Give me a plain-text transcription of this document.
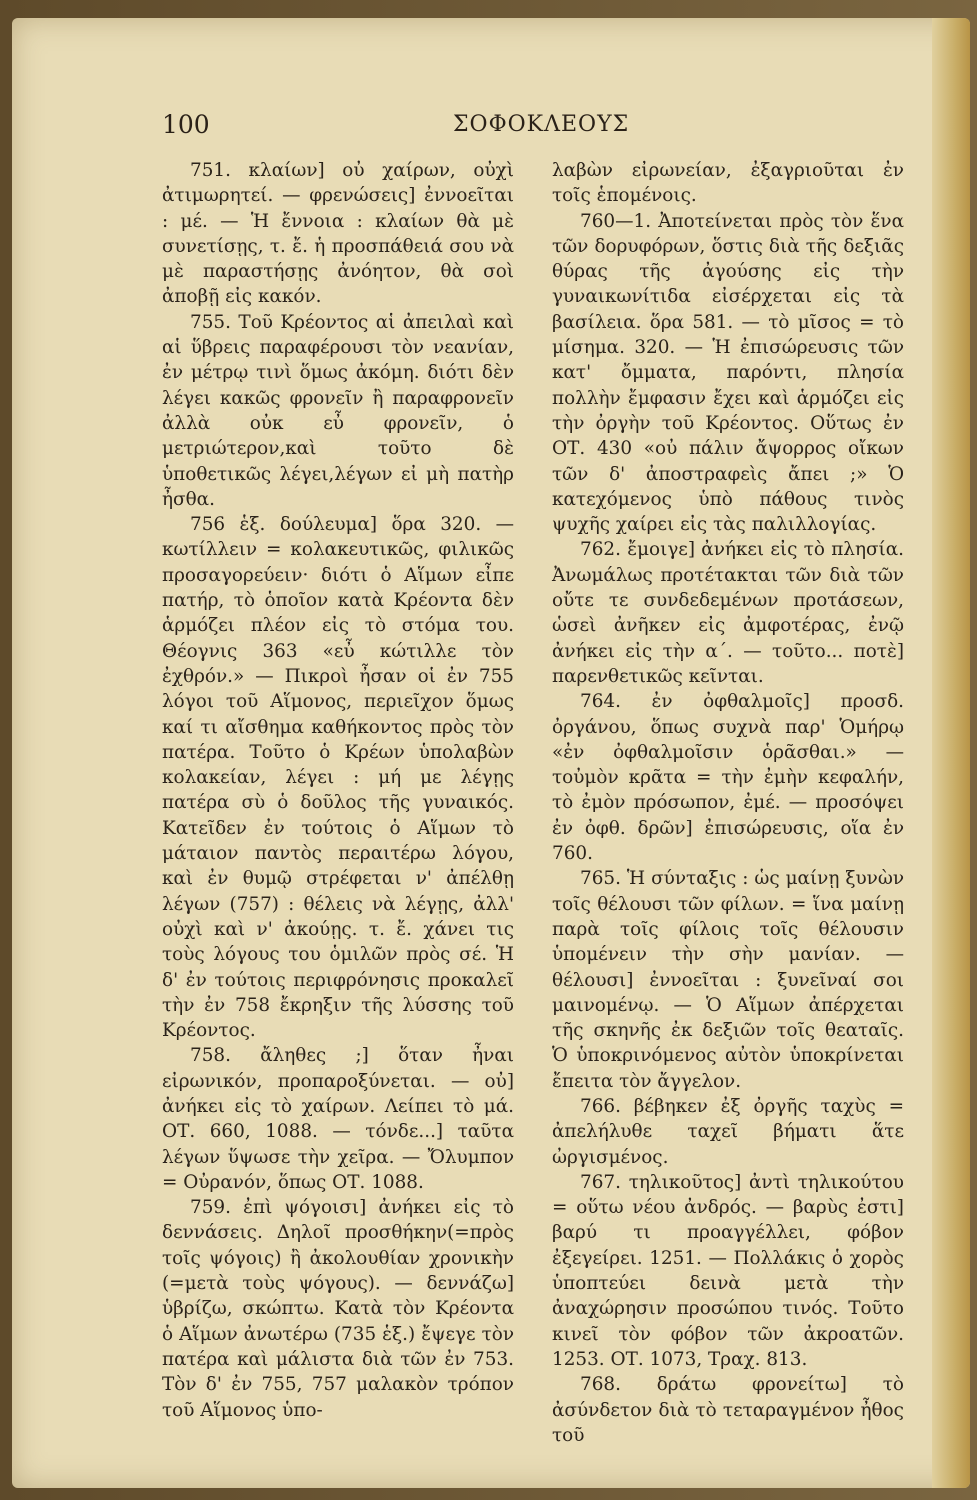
100	ΣΟΦΟΚΛΕΟΥΣ

751. κλαίων] οὐ χαίρων, οὐχὶ ἀτιμωρητεί. — φρενώσεις] ἐννοεῖται : μέ. — Ἡ ἔννοια : κλαίων θὰ μὲ συνετίσῃς, τ. ἔ. ἡ προσπάθειά σου νὰ μὲ παραστήσῃς ἀνόητον, θὰ σοὶ ἀποβῇ εἰς κακόν.

755. Τοῦ Κρέοντος αἱ ἀπειλαὶ καὶ αἱ ὕβρεις παραφέρουσι τὸν νεανίαν, ἐν μέτρῳ τινὶ ὅμως ἀκόμη. διότι δὲν λέγει κακῶς φρονεῖν ἢ παραφρονεῖν ἀλλὰ οὐκ εὖ φρονεῖν, ὁ μετριώτερον,καὶ τοῦτο δὲ ὑποθετικῶς λέγει,λέγων εἰ μὴ πατὴρ ἦσθα.

756 ἑξ. δούλευμα] ὅρα 320. — κωτίλλειν = κολακευτικῶς, φιλικῶς προσαγορεύειν· διότι ὁ Αἵμων εἶπε πατήρ, τὸ ὁποῖον κατὰ Κρέοντα δὲν ἁρμόζει πλέον εἰς τὸ στόμα του. Θέογνις 363 «εὖ κώτιλλε τὸν ἐχθρόν.» — Πικροὶ ἦσαν οἱ ἐν 755 λόγοι τοῦ Αἵμονος, περιεῖχον ὅμως καί τι αἴσθημα καθήκοντος πρὸς τὸν πατέρα. Τοῦτο ὁ Κρέων ὑπολαβὼν κολακείαν, λέγει : μή με λέγῃς πατέρα σὺ ὁ δοῦλος τῆς γυναικός. Κατεῖδεν ἐν τούτοις ὁ Αἵμων τὸ μάταιον παντὸς περαιτέρω λόγου, καὶ ἐν θυμῷ στρέφεται ν' ἀπέλθῃ λέγων (757) : θέλεις νὰ λέγῃς, ἀλλ' οὐχὶ καὶ ν' ἀκούῃς. τ. ἔ. χάνει τις τοὺς λόγους του ὁμιλῶν πρὸς σέ. Ἡ δ' ἐν τούτοις περιφρόνησις προκαλεῖ τὴν ἐν 758 ἔκρηξιν τῆς λύσσης τοῦ Κρέοντος.

758. ἄληθες ;] ὅταν ἦναι εἰρωνικόν, προπαροξύνεται. — οὐ] ἀνήκει εἰς τὸ χαίρων. Λείπει τὸ μά. ΟΤ. 660, 1088. — τόνδε...] ταῦτα λέγων ὕψωσε τὴν χεῖρα. — Ὄλυμπον = Οὐρανόν, ὅπως ΟΤ. 1088.

759. ἐπὶ ψόγοισι] ἀνήκει εἰς τὸ δεννάσεις. Δηλοῖ προσθήκην(=πρὸς τοῖς ψόγοις) ἢ ἀκολουθίαν χρονικὴν (=μετὰ τοὺς ψόγους). — δεννάζω] ὑβρίζω, σκώπτω. Κατὰ τὸν Κρέοντα ὁ Αἵμων ἀνωτέρω (735 ἑξ.) ἔψεγε τὸν πατέρα καὶ μάλιστα διὰ τῶν ἐν 753. Τὸν δ' ἐν 755, 757 μαλακὸν τρόπον τοῦ Αἵμονος ὑπο-

λαβὼν εἰρωνείαν, ἐξαγριοῦται ἐν τοῖς ἑπομένοις.

760—1. Ἀποτείνεται πρὸς τὸν ἕνα τῶν δορυφόρων, ὅστις διὰ τῆς δεξιᾶς θύρας τῆς ἀγούσης εἰς τὴν γυναικωνίτιδα εἰσέρχεται εἰς τὰ βασίλεια. ὅρα 581. — τὸ μῖσος = τὸ μίσημα. 320. — Ἡ ἐπισώρευσις τῶν κατ' ὄμματα, παρόντι, πλησία πολλὴν ἔμφασιν ἔχει καὶ ἁρμόζει εἰς τὴν ὀργὴν τοῦ Κρέοντος. Οὕτως ἐν ΟΤ. 430 «οὐ πάλιν ἄψορρος οἴκων τῶν δ' ἀποστραφεὶς ἄπει ;» Ὁ κατεχόμενος ὑπὸ πάθους τινὸς ψυχῆς χαίρει εἰς τὰς παλιλλογίας.

762. ἔμοιγε] ἀνήκει εἰς τὸ πλησία. Ἀνωμάλως προτέτακται τῶν διὰ τῶν οὔτε τε συνδεδεμένων προτάσεων, ὡσεὶ ἀνῆκεν εἰς ἀμφοτέρας, ἐνῷ ἀνήκει εἰς τὴν α΄. — τοῦτο... ποτὲ] παρενθετικῶς κεῖνται.

764. ἐν ὀφθαλμοῖς] προσδ. ὀργάνου, ὅπως συχνὰ παρ' Ὁμήρῳ «ἐν ὀφθαλμοῖσιν ὁρᾶσθαι.» — τοὐμὸν κρᾶτα = τὴν ἐμὴν κεφαλήν, τὸ ἐμὸν πρόσωπον, ἐμέ. — προσόψει ἐν ὀφθ. δρῶν] ἐπισώρευσις, οἵα ἐν 760.

765. Ἡ σύνταξις : ὡς μαίνῃ ξυνὼν τοῖς θέλουσι τῶν φίλων. = ἵνα μαίνῃ παρὰ τοῖς φίλοις τοῖς θέλουσιν ὑπομένειν τὴν σὴν μανίαν. — θέλουσι] ἐννοεῖται : ξυνεῖναί σοι μαινομένῳ. — Ὁ Αἵμων ἀπέρχεται τῆς σκηνῆς ἐκ δεξιῶν τοῖς θεαταῖς. Ὁ ὑποκρινόμενος αὐτὸν ὑποκρίνεται ἔπειτα τὸν ἄγγελον.

766. βέβηκεν ἐξ ὀργῆς ταχὺς = ἀπελήλυθε ταχεῖ βήματι ἅτε ὠργισμένος.

767. τηλικοῦτος] ἀντὶ τηλικούτου = οὕτω νέου ἀνδρός. — βαρὺς ἐστι] βαρύ τι προαγγέλλει, φόβον ἐξεγείρει. 1251. — Πολλάκις ὁ χορὸς ὑποπτεύει δεινὰ μετὰ τὴν ἀναχώρησιν προσώπου τινός. Τοῦτο κινεῖ τὸν φόβον τῶν ἀκροατῶν. 1253. ΟΤ. 1073, Τραχ. 813.

768. δράτω φρονείτω] τὸ ἀσύνδετον διὰ τὸ τεταραγμένον ἦθος τοῦ
